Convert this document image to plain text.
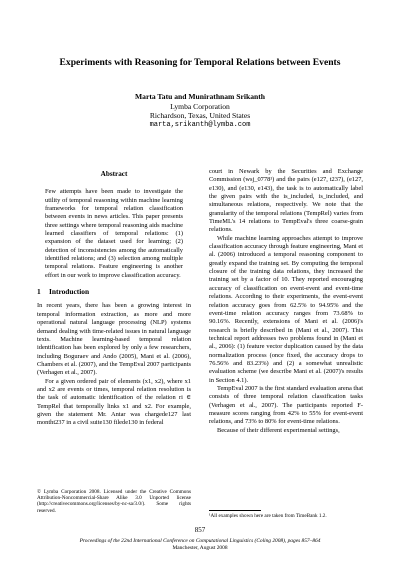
Experiments with Reasoning for Temporal Relations between Events
Marta Tatu and Munirathnam Srikanth
Lymba Corporation
Richardson, Texas, United States
marta,srikanth@lymba.com
Abstract

Few attempts have been made to investigate the utility of temporal reasoning within machine learning frameworks for temporal relation classification between events in news articles. This paper presents three settings where temporal reasoning aids machine learned classifiers of temporal relations: (1) expansion of the dataset used for learning; (2) detection of inconsistencies among the automatically identified relations; and (3) selection among multiple temporal relations. Feature engineering is another effort in our work to improve classification accuracy.

1 Introduction

In recent years, there has been a growing interest in temporal information extraction, as more and more operational natural language processing (NLP) systems demand dealing with time-related issues in natural language texts. Machine learning-based temporal relation identification has been explored by only a few researchers, including Boguraev and Ando (2005), Mani et al. (2006), Chambers et al. (2007), and the TempEval 2007 participants (Verhagen et al., 2007).

For a given ordered pair of elements (x1, x2), where x1 and x2 are events or times, temporal relation resolution is the task of automatic identification of the relation ri ∈ TempRel that temporally links x1 and x2. For example, given the statement Mr. Antar was chargede127 last montht237 in a civil suite130 filede130 in federal

© Lymba Corporation 2008. Licensed under the Creative Commons Attribution-Noncommercial-Share Alike 3.0 Unported license (http://creativecommons.org/licenses/by-nc-sa/3.0/). Some rights reserved.

court in Newark by the Securities and Exchange Commission (wsj_0778¹) and the pairs (e127, t237), (e127, e130), and (e130, e143), the task is to automatically label the given pairs with the is_included, is_included, and simultaneous relations, respectively. We note that the granularity of the temporal relations (TempRel) varies from TimeML's 14 relations to TempEval's three coarse-grain relations.

While machine learning approaches attempt to improve classification accuracy through feature engineering, Mani et al. (2006) introduced a temporal reasoning component to greatly expand the training set. By computing the temporal closure of the training data relations, they increased the training set by a factor of 10. They reported encouraging accuracy of classification on event-event and event-time relations. According to their experiments, the event-event relation accuracy goes from 62.5% to 94.95% and the event-time relation accuracy ranges from 73.68% to 90.16%. Recently, extensions of Mani et al. (2006)'s research is briefly described in (Mani et al., 2007). This technical report addresses two problems found in (Mani et al., 2006): (1) feature vector duplication caused by the data normalization process (once fixed, the accuracy drops to 76.56% and 83.23%) and (2) a somewhat unrealistic evaluation scheme (we describe Mani et al. (2007)'s results in Section 4.1).

TempEval 2007 is the first standard evaluation arena that consists of three temporal relation classification tasks (Verhagen et al., 2007). The participants reported F-measure scores ranging from 42% to 55% for event-event relations, and 73% to 80% for event-time relations.

Because of their different experimental settings,

¹All examples shown here are taken from TimeBank 1.2.
857
Proceedings of the 22nd International Conference on Computational Linguistics (Coling 2008), pages 857–864
Manchester, August 2008
